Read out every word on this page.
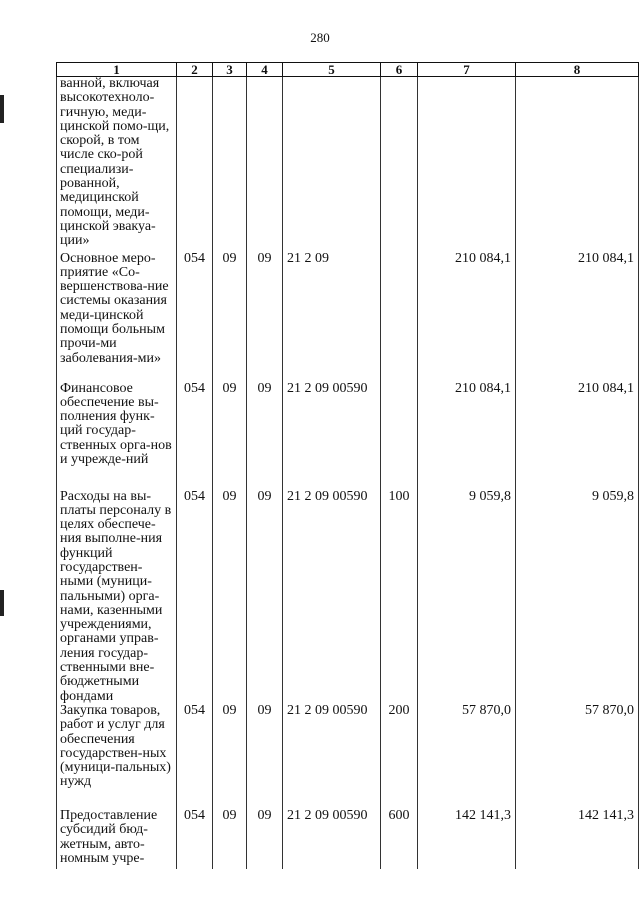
280
1	2	3	4	5	6	7	8

ванной, включая высокотехноло-гичную, меди-цинской помо-щи, скорой, в том числе ско-рой специализи-рованной, медицинской помощи, меди-цинской эвакуа-ции»							

Основное меро-приятие «Со-вершенствова-ние системы оказания меди-цинской помощи больным прочи-ми заболевания-ми»	054	09	09	21 2 09		210 084,1	210 084,1

Финансовое обеспечение вы-полнения функ-ций государ-ственных орга-нов и учрежде-ний	054	09	09	21 2 09 00590		210 084,1	210 084,1

Расходы на вы-платы персоналу в целях обеспече-ния выполне-ния функций государствен-ными (муници-пальными) орга-нами, казенными учреждениями, органами управ-ления государ-ственными вне-бюджетными фондами	054	09	09	21 2 09 00590	100	9 059,8	9 059,8

Закупка товаров, работ и услуг для обеспечения государствен-ных (муници-пальных) нужд	054	09	09	21 2 09 00590	200	57 870,0	57 870,0

Предоставление субсидий бюд-жетным, авто-номным учре-	054	09	09	21 2 09 00590	600	142 141,3	142 141,3
